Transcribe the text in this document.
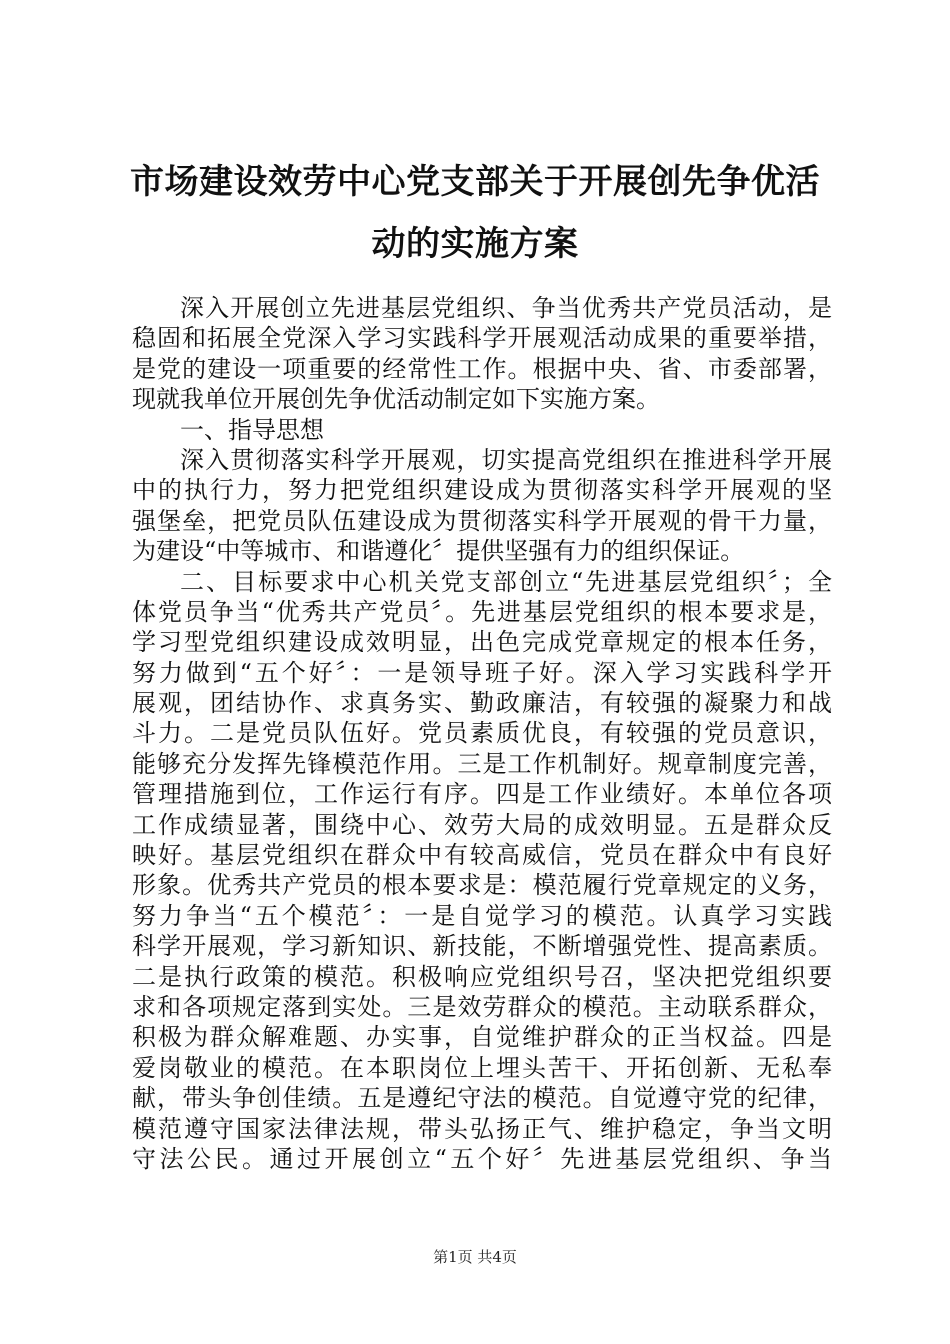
市场建设效劳中心党支部关于开展创先争优活
动的实施方案
深入开展创立先进基层党组织、争当优秀共产党员活动，是
稳固和拓展全党深入学习实践科学开展观活动成果的重要举措，
是党的建设一项重要的经常性工作。根据中央、省、市委部署，
现就我单位开展创先争优活动制定如下实施方案。
一、指导思想
深入贯彻落实科学开展观，切实提高党组织在推进科学开展
中的执行力，努力把党组织建设成为贯彻落实科学开展观的坚
强堡垒，把党员队伍建设成为贯彻落实科学开展观的骨干力量，
为建设“中等城市、和谐遵化〞提供坚强有力的组织保证。
二、目标要求中心机关党支部创立“先进基层党组织〞；全
体党员争当“优秀共产党员〞。先进基层党组织的根本要求是，
学习型党组织建设成效明显，出色完成党章规定的根本任务，
努力做到“五个好〞：一是领导班子好。深入学习实践科学开
展观，团结协作、求真务实、勤政廉洁，有较强的凝聚力和战
斗力。二是党员队伍好。党员素质优良，有较强的党员意识，
能够充分发挥先锋模范作用。三是工作机制好。规章制度完善，
管理措施到位，工作运行有序。四是工作业绩好。本单位各项
工作成绩显著，围绕中心、效劳大局的成效明显。五是群众反
映好。基层党组织在群众中有较高威信，党员在群众中有良好
形象。优秀共产党员的根本要求是：模范履行党章规定的义务，
努力争当“五个模范〞：一是自觉学习的模范。认真学习实践
科学开展观，学习新知识、新技能，不断增强党性、提高素质。
二是执行政策的模范。积极响应党组织号召，坚决把党组织要
求和各项规定落到实处。三是效劳群众的模范。主动联系群众，
积极为群众解难题、办实事，自觉维护群众的正当权益。四是
爱岗敬业的模范。在本职岗位上埋头苦干、开拓创新、无私奉
献，带头争创佳绩。五是遵纪守法的模范。自觉遵守党的纪律，
模范遵守国家法律法规，带头弘扬正气、维护稳定，争当文明
守法公民。通过开展创立“五个好〞先进基层党组织、争当
第1页 共4页
